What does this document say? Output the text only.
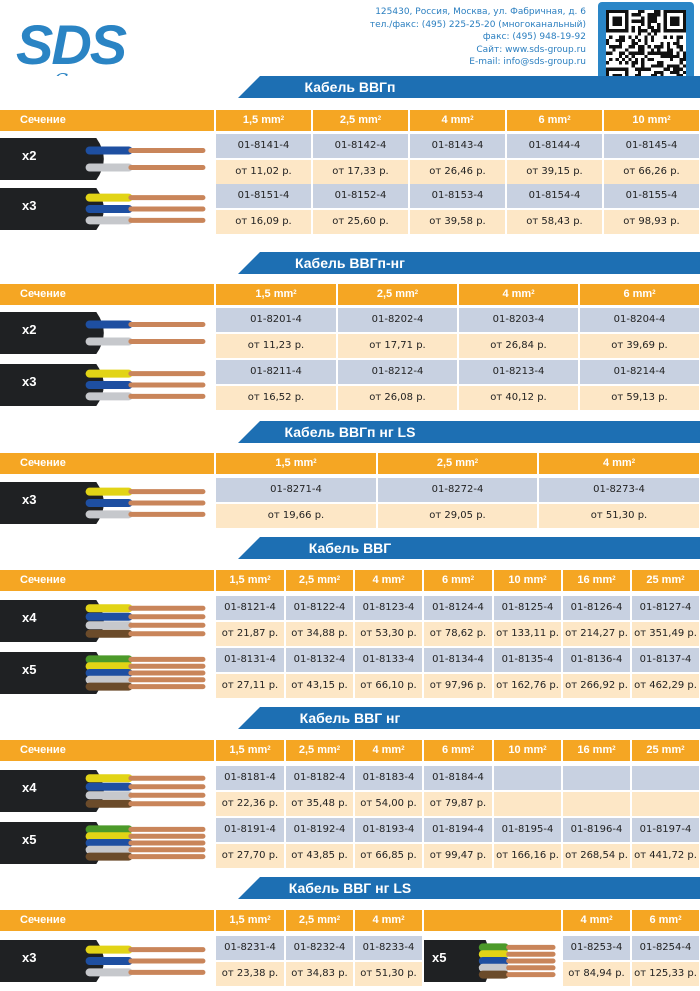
SDS
125430, Россия, Москва, ул. Фабричная, д. 6
тел./факс: (495) 225-25-20 (многоканальный)
факс: (495) 948-19-92
Сайт: www.sds-group.ru
E-mail: info@sds-group.ru
Кабель ВВГп
Сечение	1,5 $mm^2$	2,5 $mm^2$	4 $mm^2$	6 $mm^2$	10 $mm^2$
x2
01-8141-4	01-8142-4	01-8143-4	01-8144-4	01-8145-4
от 11,02 р.	от 17,33 р.	от 26,46 р.	от 39,15 р.	от 66,26 р.
x3
01-8151-4	01-8152-4	01-8153-4	01-8154-4	01-8155-4
от 16,09 р.	от 25,60 р.	от 39,58 р.	от 58,43 р.	от 98,93 р.
Кабель ВВГп-нг
Сечение	1,5 $mm^2$	2,5 $mm^2$	4 $mm^2$	6 $mm^2$
x2
01-8201-4	01-8202-4	01-8203-4	01-8204-4
от 11,23 р.	от 17,71 р.	от 26,84 р.	от 39,69 р.
x3
01-8211-4	01-8212-4	01-8213-4	01-8214-4
от 16,52 р.	от 26,08 р.	от 40,12 р.	от 59,13 р.
Кабель ВВГп нг LS
Сечение	1,5 $mm^2$	2,5 $mm^2$	4 $mm^2$
x3
01-8271-4	01-8272-4	01-8273-4
от 19,66 р.	от 29,05 р.	от 51,30 р.
Кабель ВВГ
Сечение	1,5 $mm^2$	2,5 $mm^2$	4 $mm^2$	6 $mm^2$	10 $mm^2$	16 $mm^2$	25 $mm^2$
x4
01-8121-4	01-8122-4	01-8123-4	01-8124-4	01-8125-4	01-8126-4	01-8127-4
от 21,87 р.	от 34,88 р.	от 53,30 р.	от 78,62 р. от 133,11 р. от 214,27 р. от 351,49 р.
x5
01-8131-4	01-8132-4	01-8133-4	01-8134-4	01-8135-4	01-8136-4	01-8137-4
от 27,11 р.	от 43,15 р.	от 66,10 р.	от 97,96 р. от 162,76 р. от 266,92 р. от 462,29 р.
Кабель ВВГ нг
Сечение	1,5 $mm^2$	2,5 $mm^2$	4 $mm^2$	6 $mm^2$	10 $mm^2$	16 $mm^2$	25 $mm^2$
x4
01-8181-4	01-8182-4	01-8183-4	01-8184-4
от 22,36 р.	от 35,48 р.	от 54,00 р.	от 79,87 р.
x5
01-8191-4	01-8192-4	01-8193-4	01-8194-4	01-8195-4	01-8196-4	01-8197-4
от 27,70 р.	от 43,85 р.	от 66,85 р.	от 99,47 р. от 166,16 р. от 268,54 р. от 441,72 р.
Кабель ВВГ нг LS
Сечение	1,5 $mm^2$	2,5 $mm^2$	4 $mm^2$	4 $mm^2$	6 $mm^2$
x3
01-8231-4	01-8232-4	01-8233-4
от 23,38 р.	от 34,83 р.	от 51,30 р.
x5
01-8253-4	01-8254-4
от 84,94 р. от 125,33 р.
